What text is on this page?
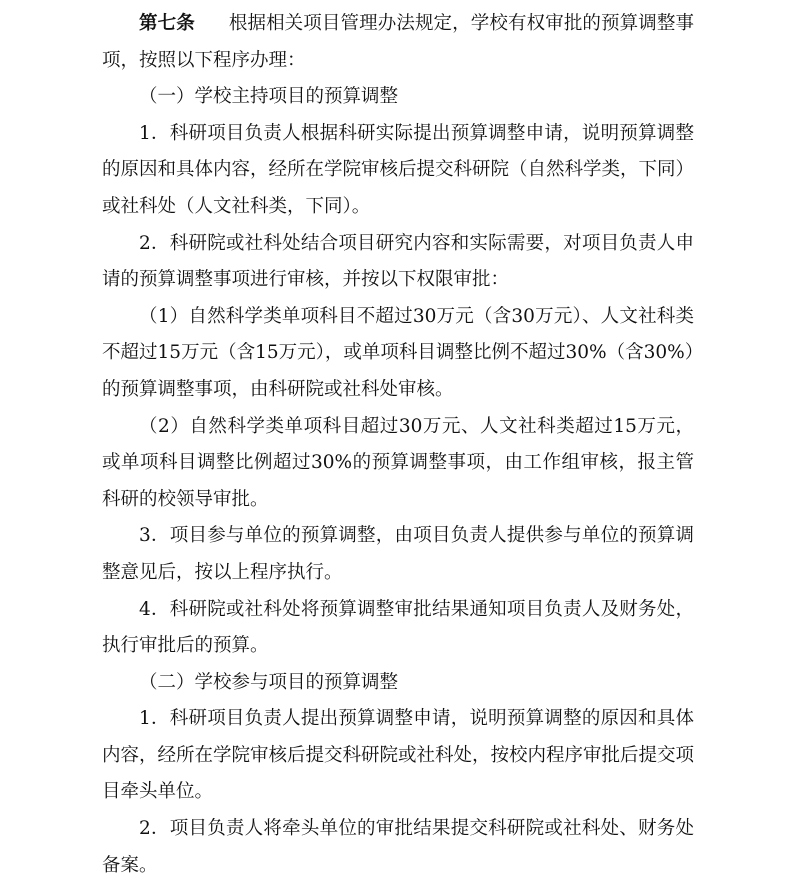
第七条 根据相关项目管理办法规定，学校有权审批的预算调整事项，按照以下程序办理：

（一）学校主持项目的预算调整

1．科研项目负责人根据科研实际提出预算调整申请，说明预算调整的原因和具体内容，经所在学院审核后提交科研院（自然科学类，下同）或社科处（人文社科类，下同）。

2．科研院或社科处结合项目研究内容和实际需要，对项目负责人申请的预算调整事项进行审核，并按以下权限审批：

（1）自然科学类单项科目不超过30万元（含30万元）、人文社科类不超过15万元（含15万元），或单项科目调整比例不超过30%（含30%）的预算调整事项，由科研院或社科处审核。

（2）自然科学类单项科目超过30万元、人文社科类超过15万元，或单项科目调整比例超过30%的预算调整事项，由工作组审核，报主管科研的校领导审批。

3．项目参与单位的预算调整，由项目负责人提供参与单位的预算调整意见后，按以上程序执行。

4．科研院或社科处将预算调整审批结果通知项目负责人及财务处，执行审批后的预算。

（二）学校参与项目的预算调整

1．科研项目负责人提出预算调整申请，说明预算调整的原因和具体内容，经所在学院审核后提交科研院或社科处，按校内程序审批后提交项目牵头单位。

2．项目负责人将牵头单位的审批结果提交科研院或社科处、财务处备案。
